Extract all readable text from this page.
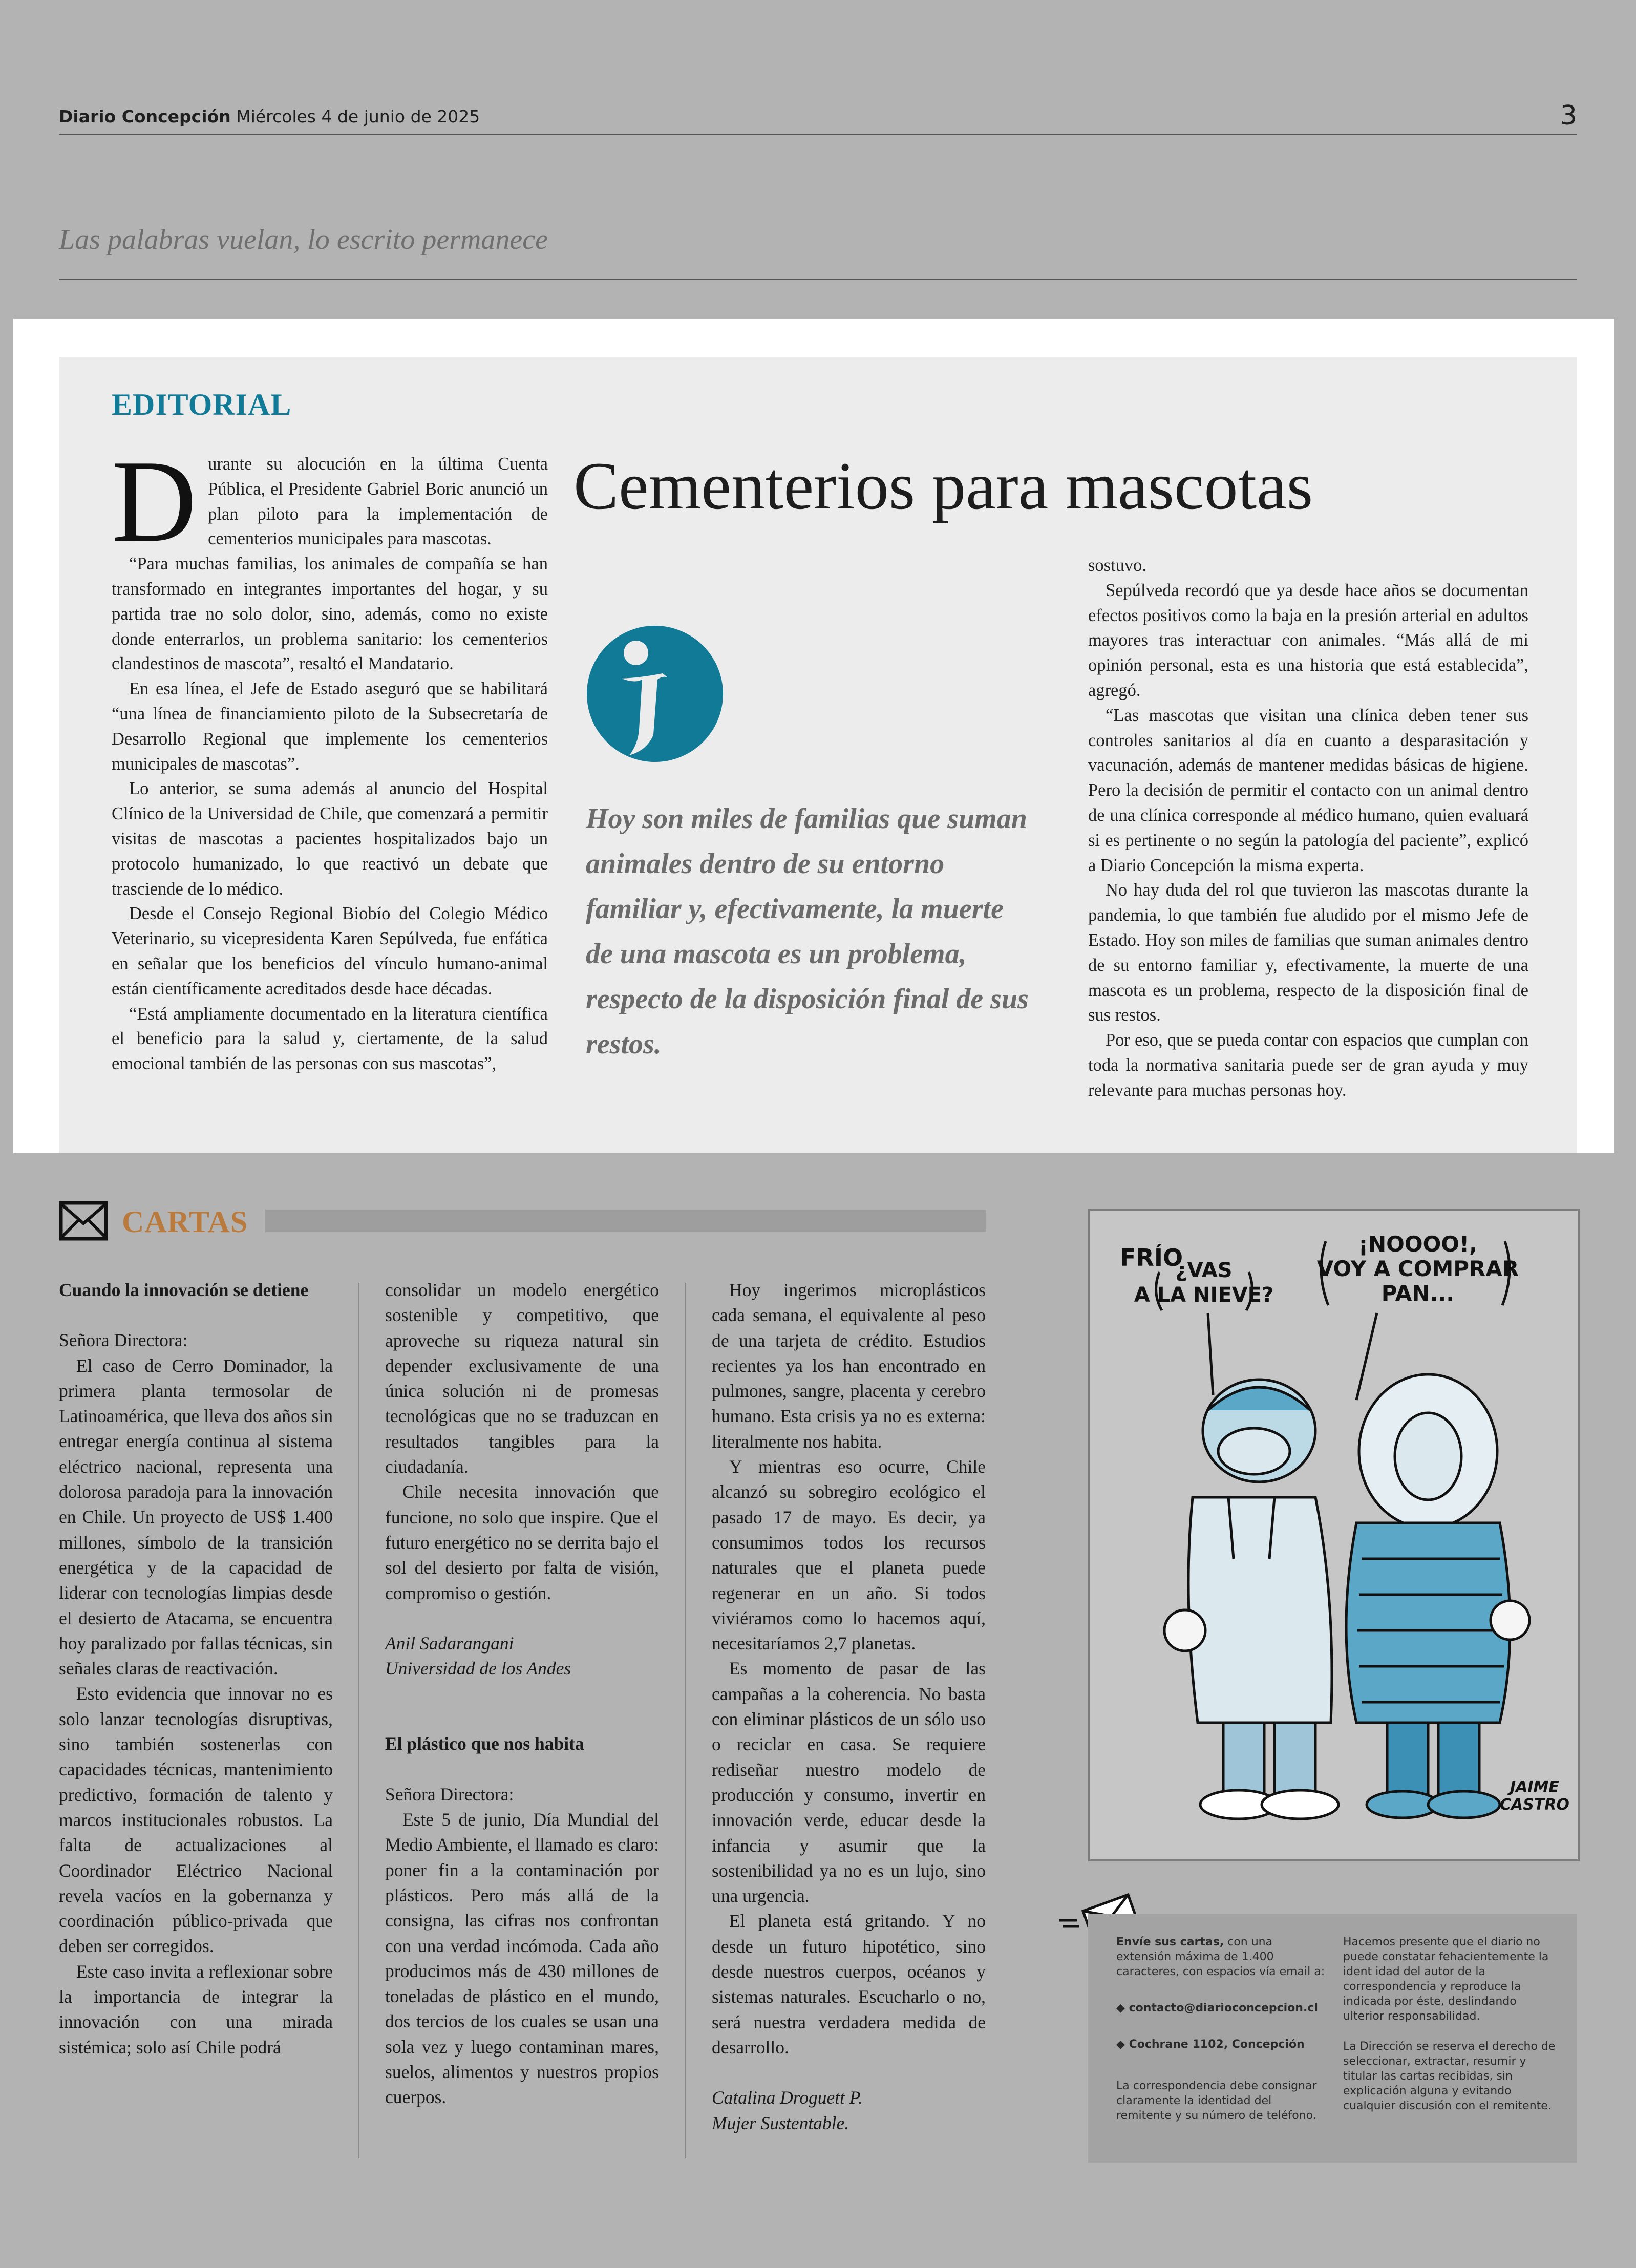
Diario Concepción Miércoles 4 de junio de 2025	3
Las palabras vuelan, lo escrito permanece
EDITORIAL
Cementerios para mascotas
D urante su alocución en la última Cuenta Pública, el Presidente Gabriel Boric anunció un plan piloto para la implementación de cementerios municipales para mascotas.

“Para muchas familias, los animales de compañía se han transformado en integrantes importantes del hogar, y su partida trae no solo dolor, sino, además, como no existe donde enterrarlos, un problema sanitario: los cementerios clandestinos de mascota”, resaltó el Mandatario.

En esa línea, el Jefe de Estado aseguró que se habilitará “una línea de financiamiento piloto de la Subsecretaría de Desarrollo Regional que implemente los cementerios municipales de mascotas”.

Lo anterior, se suma además al anuncio del Hospital Clínico de la Universidad de Chile, que comenzará a permitir visitas de mascotas a pacientes hospitalizados bajo un protocolo humanizado, lo que reactivó un debate que trasciende de lo médico.

Desde el Consejo Regional Biobío del Colegio Médico Veterinario, su vicepresidenta Karen Sepúlveda, fue enfática en señalar que los beneficios del vínculo humano-animal están científicamente acreditados desde hace décadas.

“Está ampliamente documentado en la literatura científica el beneficio para la salud y, ciertamente, de la salud emocional también de las personas con sus mascotas”,

Hoy son miles de familias que suman animales dentro de su entorno familiar y, efectivamente, la muerte de una mascota es un problema, respecto de la disposición final de sus restos.

sostuvo.

Sepúlveda recordó que ya desde hace años se documentan efectos positivos como la baja en la presión arterial en adultos mayores tras interactuar con animales. “Más allá de mi opinión personal, esta es una historia que está establecida”, agregó.

“Las mascotas que visitan una clínica deben tener sus controles sanitarios al día en cuanto a desparasitación y vacunación, además de mantener medidas básicas de higiene. Pero la decisión de permitir el contacto con un animal dentro de una clínica corresponde al médico humano, quien evaluará si es pertinente o no según la patología del paciente”, explicó a Diario Concepción la misma experta.

No hay duda del rol que tuvieron las mascotas durante la pandemia, lo que también fue aludido por el mismo Jefe de Estado. Hoy son miles de familias que suman animales dentro de su entorno familiar y, efectivamente, la muerte de una mascota es un problema, respecto de la disposición final de sus restos.

Por eso, que se pueda contar con espacios que cumplan con toda la normativa sanitaria puede ser de gran ayuda y muy relevante para muchas personas hoy.

CARTAS

Cuando la innovación se detiene

Señora Directora:

El caso de Cerro Dominador, la primera planta termosolar de Latinoamérica, que lleva dos años sin entregar energía continua al sistema eléctrico nacional, representa una dolorosa paradoja para la innovación en Chile. Un proyecto de US$ 1.400 millones, símbolo de la transición energética y de la capacidad de liderar con tecnologías limpias desde el desierto de Atacama, se encuentra hoy paralizado por fallas técnicas, sin señales claras de reactivación.

Esto evidencia que innovar no es solo lanzar tecnologías disruptivas, sino también sostenerlas con capacidades técnicas, mantenimiento predictivo, formación de talento y marcos institucionales robustos. La falta de actualizaciones al Coordinador Eléctrico Nacional revela vacíos en la gobernanza y coordinación público-privada que deben ser corregidos.

Este caso invita a reflexionar sobre la importancia de integrar la innovación con una mirada sistémica; solo así Chile podrá

consolidar un modelo energético sostenible y competitivo, que aproveche su riqueza natural sin depender exclusivamente de una única solución ni de promesas tecnológicas que no se traduzcan en resultados tangibles para la ciudadanía.

Chile necesita innovación que funcione, no solo que inspire. Que el futuro energético no se derrita bajo el sol del desierto por falta de visión, compromiso o gestión.

Anil Sadarangani

Universidad de los Andes

El plástico que nos habita

Señora Directora:

Este 5 de junio, Día Mundial del Medio Ambiente, el llamado es claro: poner fin a la contaminación por plásticos. Pero más allá de la consigna, las cifras nos confrontan con una verdad incómoda. Cada año producimos más de 430 millones de toneladas de plástico en el mundo, dos tercios de los cuales se usan una sola vez y luego contaminan mares, suelos, alimentos y nuestros propios cuerpos.

Hoy ingerimos microplásticos cada semana, el equivalente al peso de una tarjeta de crédito. Estudios recientes ya los han encontrado en pulmones, sangre, placenta y cerebro humano. Esta crisis ya no es externa: literalmente nos habita.

Y mientras eso ocurre, Chile alcanzó su sobregiro ecológico el pasado 17 de mayo. Es decir, ya consumimos todos los recursos naturales que el planeta puede regenerar en un año. Si todos viviéramos como lo hacemos aquí, necesitaríamos 2,7 planetas.

Es momento de pasar de las campañas a la coherencia. No basta con eliminar plásticos de un sólo uso o reciclar en casa. Se requiere rediseñar nuestro modelo de producción y consumo, invertir en innovación verde, educar desde la infancia y asumir que la sostenibilidad ya no es un lujo, sino una urgencia.

El planeta está gritando. Y no desde un futuro hipotético, sino desde nuestros cuerpos, océanos y sistemas naturales. Escucharlo o no, será nuestra verdadera medida de desarrollo.

Catalina Droguett P.

Mujer Sustentable.

FRÍO
¿VAS
A LA NIEVE?
¡NOOOO!,
VOY A COMPRAR
PAN...
JAIME
CASTRO
Envíe sus cartas, con una extensión máxima de 1.400 caracteres, con espacios vía email a:
◆ contacto@diarioconcepcion.cl
◆ Cochrane 1102, Concepción
La correspondencia debe consignar claramente la identidad del remitente y su número de teléfono.

Hacemos presente que el diario no puede constatar fehacientemente la ident idad del autor de la correspondencia y reproduce la indicada por éste, deslindando ulterior responsabilidad.

La Dirección se reserva el derecho de seleccionar, extractar, resumir y titular las cartas recibidas, sin explicación alguna y evitando cualquier discusión con el remitente.
